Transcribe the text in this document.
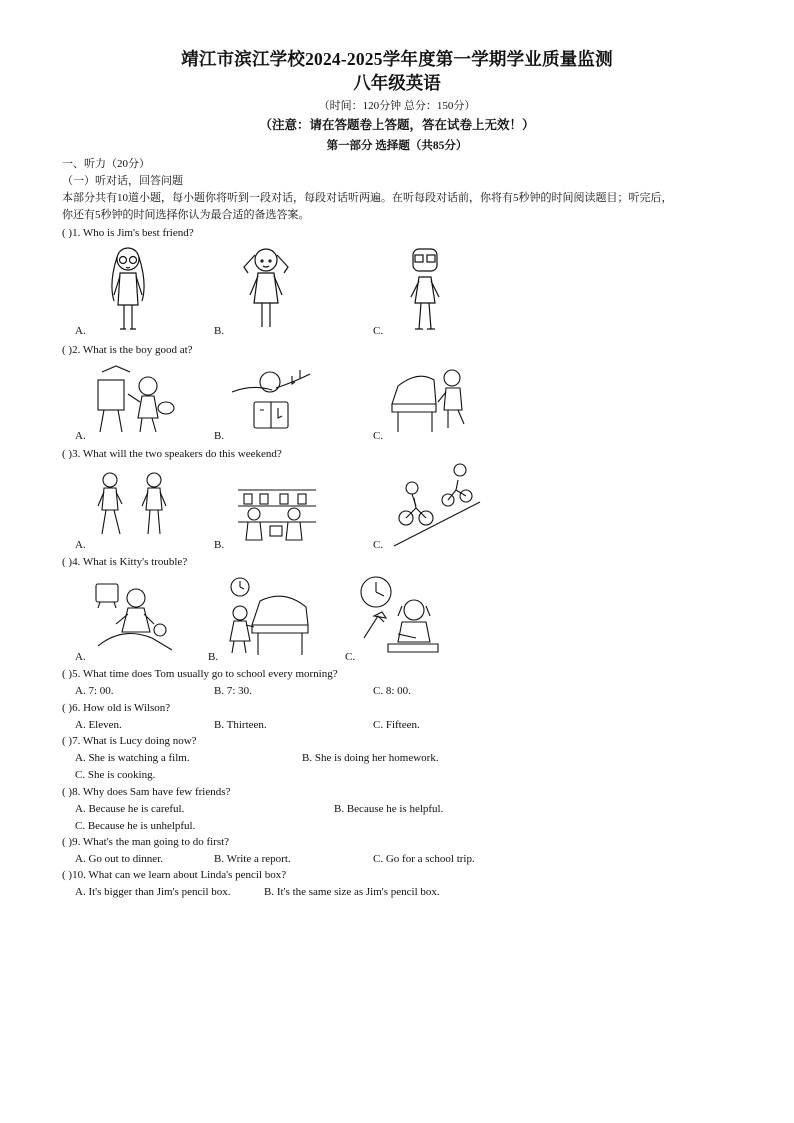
靖江市滨江学校2024-2025学年度第一学期学业质量监测
八年级英语
（时间：120分钟 总分：150分）
（注意：请在答题卷上答题，答在试卷上无效！）
第一部分 选择题（共85分）
一、听力（20分）
（一）听对话，回答问题
本部分共有10道小题，每小题你将听到一段对话，每段对话听两遍。在听每段对话前，你将有5秒钟的时间阅读题目；听完后，
你还有5秒钟的时间选择你认为最合适的备选答案。
( )1. Who is Jim's best friend?
A.	B.	C.
( )2. What is the boy good at?
A.	B.	C.
( )3. What will the two speakers do this weekend?
A.	B.	C.
( )4. What is Kitty's trouble?
A.	B.	C.
( )5. What time does Tom usually go to school every morning?
A. 7: 00.	B. 7: 30.	C. 8: 00.
( )6. How old is Wilson?
A. Eleven.	B. Thirteen.	C. Fifteen.
( )7. What is Lucy doing now?
A. She is watching a film.	B. She is doing her homework.
C. She is cooking.
( )8. Why does Sam have few friends?
A. Because he is careful.	B. Because he is helpful.
C. Because he is unhelpful.
( )9. What's the man going to do first?
A. Go out to dinner.	B. Write a report.	C. Go for a school trip.
( )10. What can we learn about Linda's pencil box?
A. It's bigger than Jim's pencil box.	B. It's the same size as Jim's pencil box.
